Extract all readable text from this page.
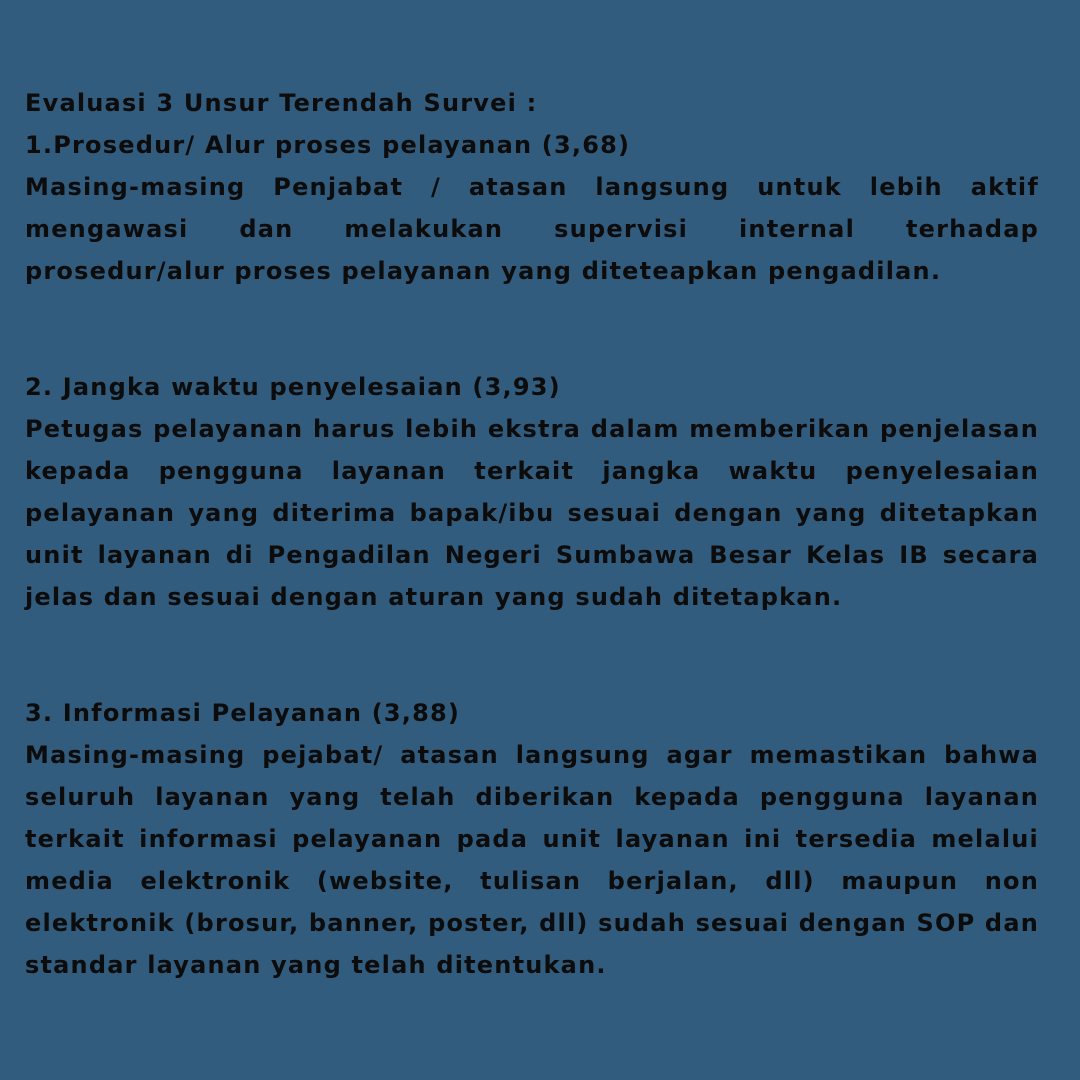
Evaluasi 3 Unsur Terendah Survei :
1.Prosedur/ Alur proses pelayanan (3,68)

Masing-masing Penjabat / atasan langsung untuk lebih aktif mengawasi dan melakukan supervisi internal terhadap prosedur/alur proses pelayanan yang diteteapkan pengadilan.

2. Jangka waktu penyelesaian (3,93)

Petugas pelayanan harus lebih ekstra dalam memberikan penjelasan kepada pengguna layanan terkait jangka waktu penyelesaian pelayanan yang diterima bapak/ibu sesuai dengan yang ditetapkan unit layanan di Pengadilan Negeri Sumbawa Besar Kelas IB secara jelas dan sesuai dengan aturan yang sudah ditetapkan.

3. Informasi Pelayanan (3,88)

Masing-masing pejabat/ atasan langsung agar memastikan bahwa seluruh layanan yang telah diberikan kepada pengguna layanan terkait informasi pelayanan pada unit layanan ini tersedia melalui media elektronik (website, tulisan berjalan, dll) maupun non elektronik (brosur, banner, poster, dll) sudah sesuai dengan SOP dan standar layanan yang telah ditentukan.
